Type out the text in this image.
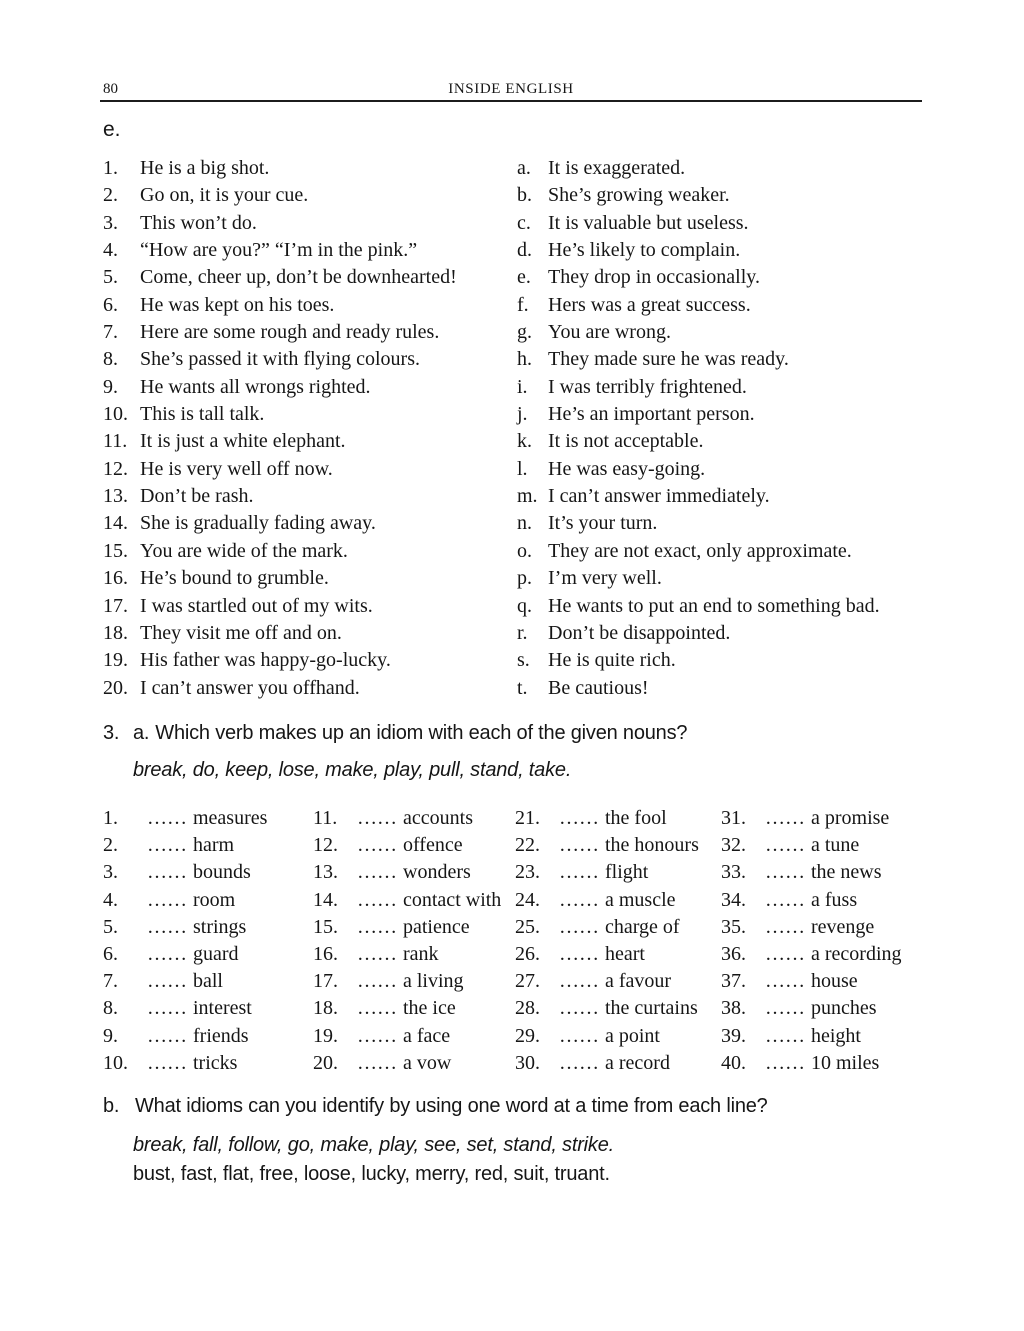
80	INSIDE ENGLISH
e.
1.	He is a big shot.	a. It is exaggerated.
2.	Go on, it is your cue.	b. She’s growing weaker.
3.	This won’t do.	c. It is valuable but useless.
4.	“How are you?” “I’m in the pink.”	d. He’s likely to complain.
5.	Come, cheer up, don’t be downhearted!	e. They drop in occasionally.
6.	He was kept on his toes.	f. Hers was a great success.
7.	Here are some rough and ready rules.	g. You are wrong.
8.	She’s passed it with flying colours.	h. They made sure he was ready.
9.	He wants all wrongs righted.	i.	I was terribly frightened.
10. This is tall talk.	j.	He’s an important person.
11. It is just a white elephant.	k. It is not acceptable.
12. He is very well off now.	l.	He was easy-going.
13. Don’t be rash.	m. I can’t answer immediately.
14. She is gradually fading away.	n. It’s your turn.
15. You are wide of the mark.	o. They are not exact, only approximate.
16. He’s bound to grumble.	p. I’m very well.
17. I was startled out of my wits.	q. He wants to put an end to something bad.
18. They visit me off and on.	r.	Don’t be disappointed.
19. His father was happy-go-lucky.	s. He is quite rich.
20. I can’t answer you offhand.	t.	Be cautious!
3. a. Which verb makes up an idiom with each of the given nouns?
break, do, keep, lose, make, play, pull, stand, take.
1.	…… measures	11. …… accounts	21. …… the fool	31. …… a promise
2.	…… harm	12. …… offence	22. …… the honours	32. …… a tune
3.	…… bounds	13. …… wonders	23. …… flight	33. …… the news
4.	…… room	14. …… contact with 24. …… a muscle	34. …… a fuss
5.	…… strings	15. …… patience	25. …… charge of	35. …… revenge
6.	…… guard	16. …… rank	26. …… heart	36. …… a recording
7.	…… ball	17. …… a living	27. …… a favour	37. …… house
8.	…… interest	18. …… the ice	28. …… the curtains	38. …… punches
9.	…… friends	19. …… a face	29. …… a point	39. …… height
10. …… tricks	20. …… a vow	30. …… a record	40. …… 10 miles
b. What idioms can you identify by using one word at a time from each line?
break, fall, follow, go, make, play, see, set, stand, strike.
bust, fast, flat, free, loose, lucky, merry, red, suit, truant.
